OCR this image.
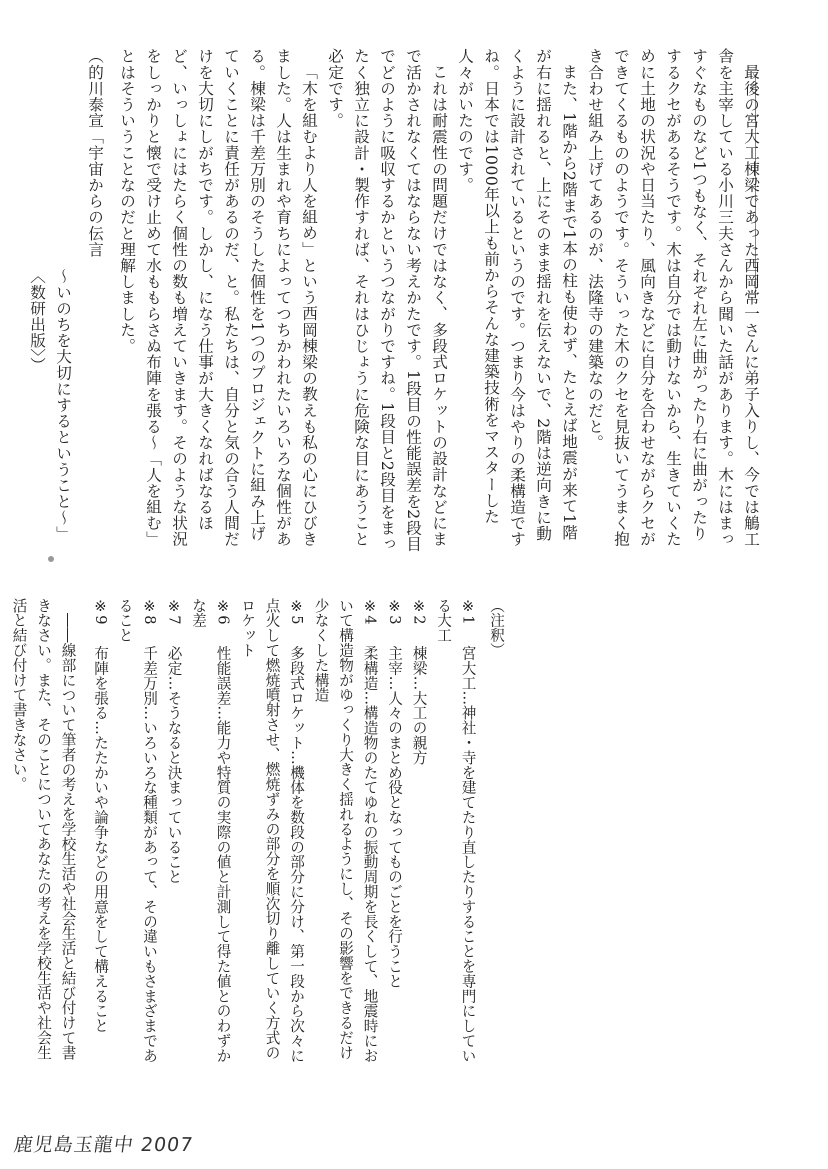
最後の宮大工棟梁であった西岡常一さんに弟子入りし、今では鵤工舎を主宰している小川三夫さんから聞いた話があります。木にはまっすぐなものなど1つもなく、それぞれ左に曲がったり右に曲がったりするクセがあるそうです。木は自分では動けないから、生きていくために土地の状況や日当たり、風向きなどに自分を合わせながらクセができてくるもののようです。そういった木のクセを見抜いてうまく抱き合わせ組み上げてあるのが、法隆寺の建築なのだと。

また、1階から2階まで1本の柱も使わず、たとえば地震が来て1階が右に揺れると、上にそのまま揺れを伝えないで、2階は逆向きに動くように設計されているというのです。つまり今はやりの柔構造ですね。日本では1000年以上も前からそんな建築技術をマスターした人々がいたのです。

これは耐震性の問題だけではなく、多段式ロケットの設計などにまで活かされなくてはならない考えかたです。1段目の性能誤差を2段目でどのように吸収するかというつながりですね。1段目と2段目をまったく独立に設計・製作すれば、それはひじょうに危険な目にあうこと必定です。

「木を組むより人を組め」という西岡棟梁の教えも私の心にひびきました。人は生まれや育ちによってつちかわれたいろいろな個性がある。棟梁は千差万別のそうした個性を1つのプロジェクトに組み上げていくことに責任があるのだ、と。私たちは、自分と気の合う人間だけを大切にしがちです。しかし、になう仕事が大きくなればなるほど、いっしょにはたらく個性の数も増えていきます。そのような状況をしっかりと懐で受け止めて水ももらさぬ布陣を張る〜「人を組む」とはそういうことなのだと理解しました。

（的川泰宣「宇宙からの伝言

〜いのちを大切にするということ〜」〈数研出版〉）

（注釈）

※1　宮大工…神社・寺を建てたり直したりすることを専門にしている大工

※2　棟梁…大工の親方

※3　主宰…人々のまとめ役となってものごとを行うこと

※4　柔構造…構造物のたてゆれの振動周期を長くして、地震時において構造物がゆっくり大きく揺れるようにし、その影響をできるだけ少なくした構造

※5　多段式ロケット…機体を数段の部分に分け、第一段から次々に点火して燃焼噴射させ、燃焼ずみの部分を順次切り離していく方式のロケット

※6　性能誤差…能力や特質の実際の値と計測して得た値とのわずかな差

※7　必定…そうなると決まっていること

※8　千差万別…いろいろな種類があって、その違いもさまざまであること

※9　布陣を張る…たたかいや論争などの用意をして構えること

――線部について筆者の考えを学校生活や社会生活と結び付けて書きなさい。また、そのことについてあなたの考えを学校生活や社会生活と結び付けて書きなさい。

鹿児島玉龍中 2007
